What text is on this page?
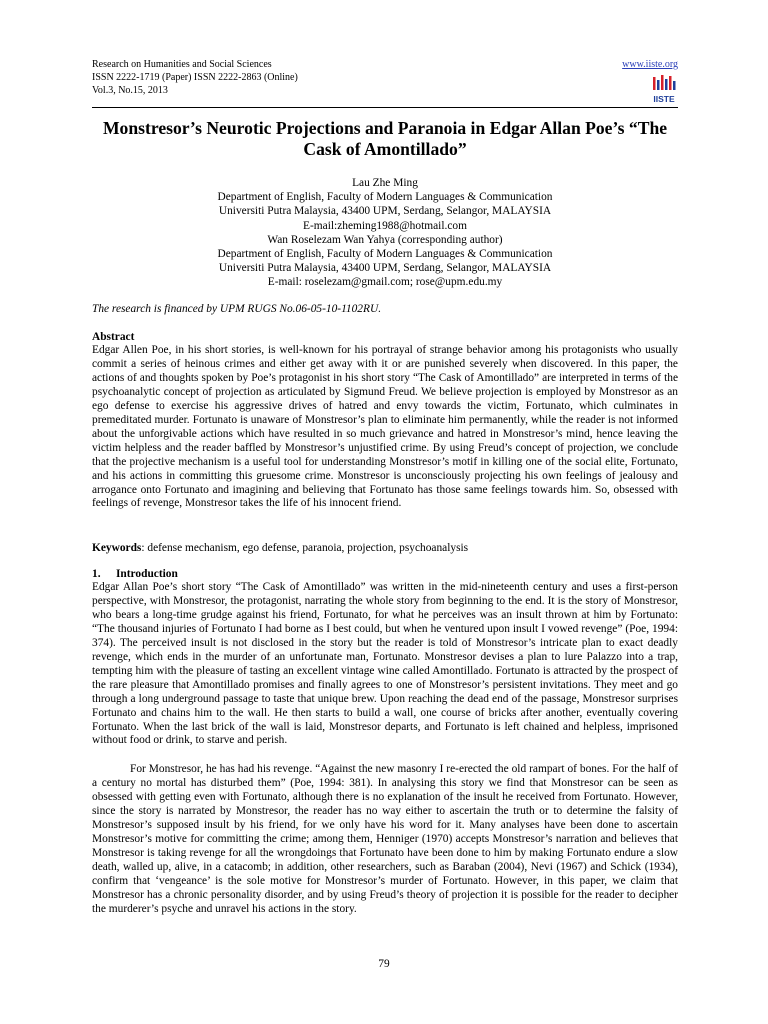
Research on Humanities and Social Sciences
ISSN 2222-1719 (Paper) ISSN 2222-2863 (Online)
Vol.3, No.15, 2013
www.iiste.org
IISTE
Monstresor’s Neurotic Projections and Paranoia in Edgar Allan Poe’s “The Cask of Amontillado”
Lau Zhe Ming
Department of English, Faculty of Modern Languages & Communication
Universiti Putra Malaysia, 43400 UPM, Serdang, Selangor, MALAYSIA
E-mail:zheming1988@hotmail.com
Wan Roselezam Wan Yahya (corresponding author)
Department of English, Faculty of Modern Languages & Communication
Universiti Putra Malaysia, 43400 UPM, Serdang, Selangor, MALAYSIA
E-mail: roselezam@gmail.com; rose@upm.edu.my
The research is financed by UPM RUGS No.06-05-10-1102RU.
Abstract
Edgar Allen Poe, in his short stories, is well-known for his portrayal of strange behavior among his protagonists who usually commit a series of heinous crimes and either get away with it or are punished severely when discovered. In this paper, the actions of and thoughts spoken by Poe’s protagonist in his short story “The Cask of Amontillado” are interpreted in terms of the psychoanalytic concept of projection as articulated by Sigmund Freud. We believe projection is employed by Monstresor as an ego defense to exercise his aggressive drives of hatred and envy towards the victim, Fortunato, which culminates in premeditated murder. Fortunato is unaware of Monstresor’s plan to eliminate him permanently, while the reader is not informed about the unforgivable actions which have resulted in so much grievance and hatred in Monstresor’s mind, hence leaving the victim helpless and the reader baffled by Monstresor’s unjustified crime. By using Freud’s concept of projection, we conclude that the projective mechanism is a useful tool for understanding Monstresor’s motif in killing one of the social elite, Fortunato, and his actions in committing this gruesome crime. Monstresor is unconsciously projecting his own feelings of jealousy and arrogance onto Fortunato and imagining and believing that Fortunato has those same feelings towards him. So, obsessed with feelings of revenge, Monstresor takes the life of his innocent friend.
Keywords: defense mechanism, ego defense, paranoia, projection, psychoanalysis
1. Introduction
Edgar Allan Poe’s short story “The Cask of Amontillado” was written in the mid-nineteenth century and uses a first-person perspective, with Monstresor, the protagonist, narrating the whole story from beginning to the end. It is the story of Monstresor, who bears a long-time grudge against his friend, Fortunato, for what he perceives was an insult thrown at him by Fortunato: “The thousand injuries of Fortunato I had borne as I best could, but when he ventured upon insult I vowed revenge” (Poe, 1994: 374). The perceived insult is not disclosed in the story but the reader is told of Monstresor’s intricate plan to exact deadly revenge, which ends in the murder of an unfortunate man, Fortunato. Monstresor devises a plan to lure Palazzo into a trap, tempting him with the pleasure of tasting an excellent vintage wine called Amontillado. Fortunato is attracted by the prospect of the rare pleasure that Amontillado promises and finally agrees to one of Monstresor’s persistent invitations. They meet and go through a long underground passage to taste that unique brew. Upon reaching the dead end of the passage, Monstresor surprises Fortunato and chains him to the wall. He then starts to build a wall, one course of bricks after another, eventually covering Fortunato. When the last brick of the wall is laid, Monstresor departs, and Fortunato is left chained and helpless, imprisoned without food or drink, to starve and perish.
For Monstresor, he has had his revenge. “Against the new masonry I re-erected the old rampart of bones. For the half of a century no mortal has disturbed them” (Poe, 1994: 381). In analysing this story we find that Monstresor can be seen as obsessed with getting even with Fortunato, although there is no explanation of the insult he received from Fortunato. However, since the story is narrated by Monstresor, the reader has no way either to ascertain the truth or to determine the falsity of Monstresor’s supposed insult by his friend, for we only have his word for it. Many analyses have been done to ascertain Monstresor’s motive for committing the crime; among them, Henniger (1970) accepts Monstresor’s narration and believes that Monstresor is taking revenge for all the wrongdoings that Fortunato have been done to him by making Fortunato endure a slow death, walled up, alive, in a catacomb; in addition, other researchers, such as Baraban (2004), Nevi (1967) and Schick (1934), confirm that ‘vengeance’ is the sole motive for Monstresor’s murder of Fortunato. However, in this paper, we claim that Monstresor has a chronic personality disorder, and by using Freud’s theory of projection it is possible for the reader to decipher the murderer’s psyche and unravel his actions in the story.
79
